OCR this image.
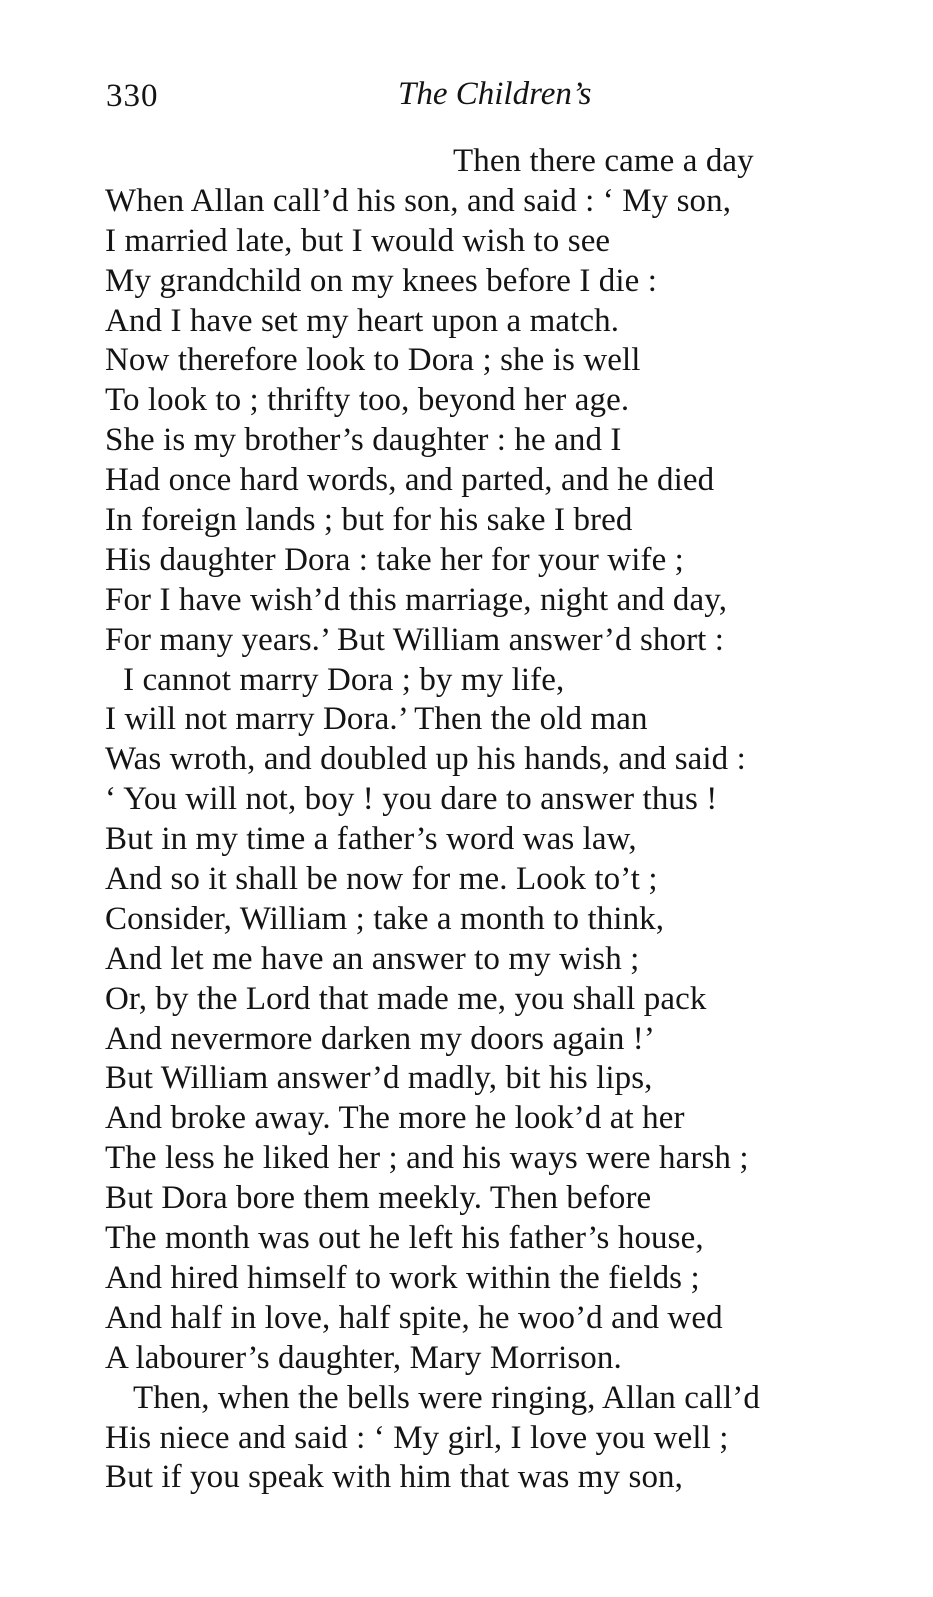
330	The Children’s
Then there came a day
When Allan call’d his son, and said : ‘ My son,
I married late, but I would wish to see
My grandchild on my knees before I die :
And I have set my heart upon a match.
Now therefore look to Dora ; she is well
To look to ; thrifty too, beyond her age.
She is my brother’s daughter : he and I
Had once hard words, and parted, and he died
In foreign lands ; but for his sake I bred
His daughter Dora : take her for your wife ;
For I have wish’d this marriage, night and day,
For many years.’ But William answer’d short :
I cannot marry Dora ; by my life,
I will not marry Dora.’ Then the old man
Was wroth, and doubled up his hands, and said :
‘ You will not, boy ! you dare to answer thus !
But in my time a father’s word was law,
And so it shall be now for me. Look to’t ;
Consider, William ; take a month to think,
And let me have an answer to my wish ;
Or, by the Lord that made me, you shall pack
And nevermore darken my doors again !’
But William answer’d madly, bit his lips,
And broke away. The more he look’d at her
The less he liked her ; and his ways were harsh ;
But Dora bore them meekly. Then before
The month was out he left his father’s house,
And hired himself to work within the fields ;
And half in love, half spite, he woo’d and wed
A labourer’s daughter, Mary Morrison.
Then, when the bells were ringing, Allan call’d
His niece and said : ‘ My girl, I love you well ;
But if you speak with him that was my son,
